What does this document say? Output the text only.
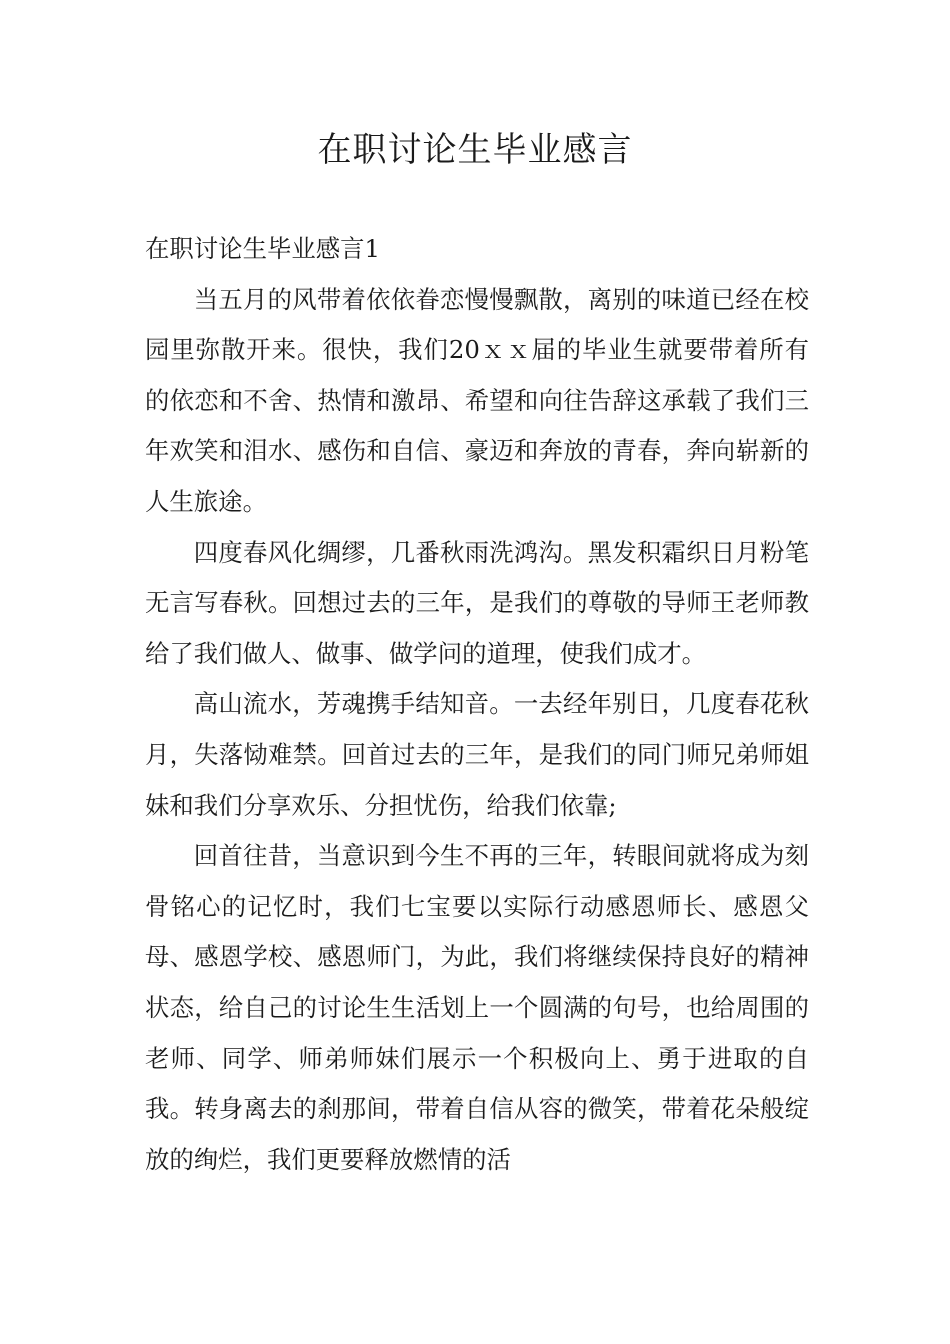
在职讨论生毕业感言

在职讨论生毕业感言1

当五月的风带着依依眷恋慢慢飘散，离别的味道已经在校园里弥散开来。很快，我们20ｘｘ届的毕业生就要带着所有的依恋和不舍、热情和激昂、希望和向往告辞这承载了我们三年欢笑和泪水、感伤和自信、豪迈和奔放的青春，奔向崭新的人生旅途。

四度春风化绸缪，几番秋雨洗鸿沟。黑发积霜织日月粉笔无言写春秋。回想过去的三年，是我们的尊敬的导师王老师教给了我们做人、做事、做学问的道理，使我们成才。

高山流水，芳魂携手结知音。一去经年别日，几度春花秋月，失落恸难禁。回首过去的三年，是我们的同门师兄弟师姐妹和我们分享欢乐、分担忧伤，给我们依靠;

回首往昔，当意识到今生不再的三年，转眼间就将成为刻骨铭心的记忆时，我们七宝要以实际行动感恩师长、感恩父母、感恩学校、感恩师门，为此，我们将继续保持良好的精神状态，给自己的讨论生生活划上一个圆满的句号，也给周围的老师、同学、师弟师妹们展示一个积极向上、勇于进取的自我。转身离去的刹那间，带着自信从容的微笑，带着花朵般绽放的绚烂，我们更要释放燃情的活
